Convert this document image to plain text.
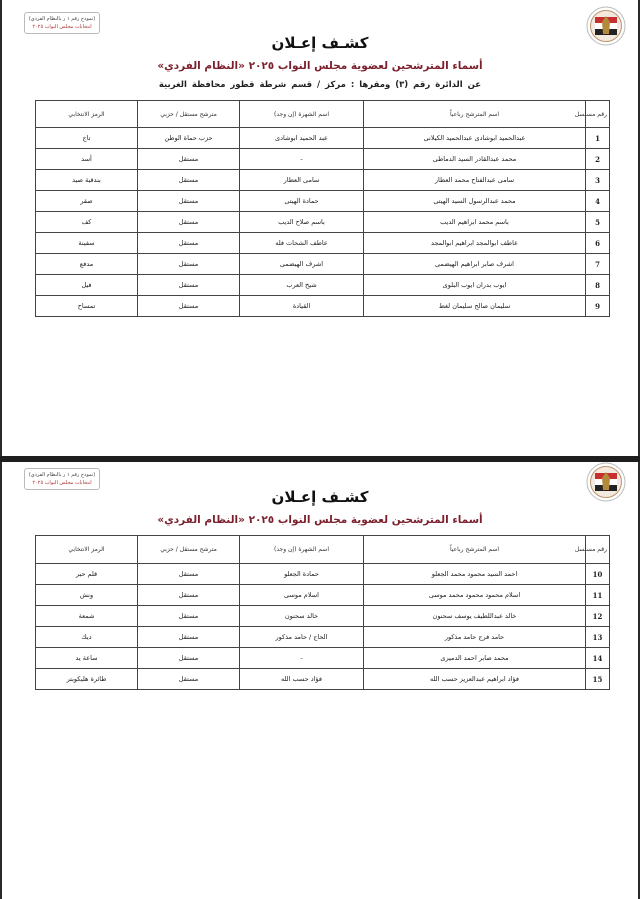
(نموذج رقم ١ ر بالنظام الفردي)
انتخابات مجلس النواب ٢٠٢٥
كشـف إعـلان
أسماء المترشحين لعضوية مجلس النواب ٢٠٢٥ «النظام الفردي»
عن الدائرة رقم (٣) ومقرها : مركز / قسم شرطة قطور محافظة الغربية
رقم مسلسل	اسم المترشح رباعياً	اسم الشهرة (إن وجد)	مترشح مستقل / حزبي	الرمز الانتخابي
1	عبدالحميد ابوشادى عبدالحميد الكيلانى	عبد الحميد ابوشادى	حزب حماة الوطن	تاج
2	محمد عبدالقادر السيد الدماطى	-	مستقل	أسد
3	سامى عبدالفتاح محمد العطار	سامى العطار	مستقل	بندقية صيد
4	محمد عبدالرسول السيد الهيتى	حمادة الهيتى	مستقل	صقر
5	باسم محمد ابراهيم الديب	باسم صلاح الديب	مستقل	كف
6	عاطف ابوالمجد ابراهيم ابوالمجد	عاطف الشحات فله	مستقل	سفينة
7	اشرف صابر ابراهيم الهيضمى	اشرف الهيضمى	مستقل	مدفع
8	ايوب بدران ايوب البلوى	شيخ العرب	مستقل	فيل
9	سليمان صالح سليمان لغط	القيادة	مستقل	تمساح
(نموذج رقم ١ ر بالنظام الفردي)
انتخابات مجلس النواب ٢٠٢٥
كشـف إعـلان
أسماء المترشحين لعضوية مجلس النواب ٢٠٢٥ «النظام الفردي»
رقم مسلسل	اسم المترشح رباعياً	اسم الشهرة (إن وجد)	مترشح مستقل / حزبي	الرمز الانتخابي
10	احمد السيد محمود محمد الجعلو	حمادة الجعلو	مستقل	قلم حبر
11	اسلام محمود محمود محمد موسى	اسلام موسى	مستقل	ونش
12	خالد عبداللطيف يوسف سحنون	خالد سحنون	مستقل	شمعة
13	حامد فرج حامد مذكور	الحاج / حامد مذكور	مستقل	ديك
14	محمد صابر احمد الدميرى	-	مستقل	ساعة يد
15	فؤاد ابراهيم عبدالعزيز حسب الله	فؤاد حسب الله	مستقل	طائرة هليكوبتر
